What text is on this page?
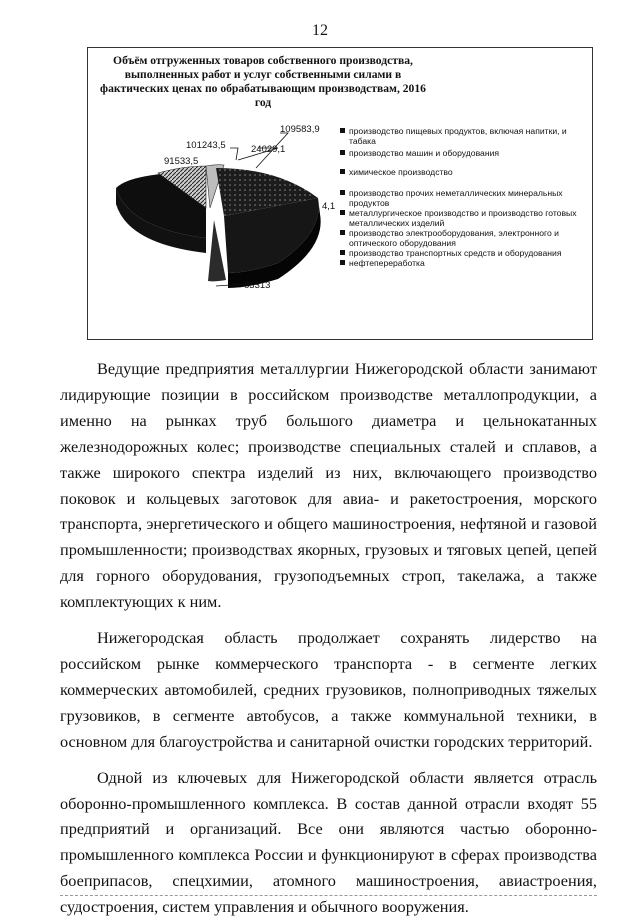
12
Объём отгруженных товаров собственного производства,
выполненных работ и услуг собственными силами в
фактических ценах по обрабатывающим производствам, 2016
год
109583,9
101243,5	24029,1
91533,5
4,1
83313
производство пищевых продуктов, включая напитки, и табака
производство машин и оборудования
химическое производство
производство прочих неметаллических минеральных продуктов
металлургическое производство и производство готовых металлических изделий
производство электрооборудования, электронного и оптического оборудования
производство транспортных средств и оборудования
нефтепереработка

Ведущие предприятия металлургии Нижегородской области занимают лидирующие позиции в российском производстве металлопродукции, а именно на рынках труб большого диаметра и цельнокатанных железнодорожных колес; производстве специальных сталей и сплавов, а также широкого спектра изделий из них, включающего производство поковок и кольцевых заготовок для авиа- и ракетостроения, морского транспорта, энергетического и общего машиностроения, нефтяной и газовой промышленности; производствах якорных, грузовых и тяговых цепей, цепей для горного оборудования, грузоподъемных строп, такелажа, а также комплектующих к ним.

Нижегородская область продолжает сохранять лидерство на российском рынке коммерческого транспорта - в сегменте легких коммерческих автомобилей, средних грузовиков, полноприводных тяжелых грузовиков, в сегменте автобусов, а также коммунальной техники, в основном для благоустройства и санитарной очистки городских территорий.

Одной из ключевых для Нижегородской области является отрасль оборонно-промышленного комплекса. В состав данной отрасли входят 55 предприятий и организаций. Все они являются частью оборонно-промышленного комплекса России и функционируют в сферах производства боеприпасов, спецхимии, атомного машиностроения, авиастроения, судостроения, систем управления и обычного вооружения.
